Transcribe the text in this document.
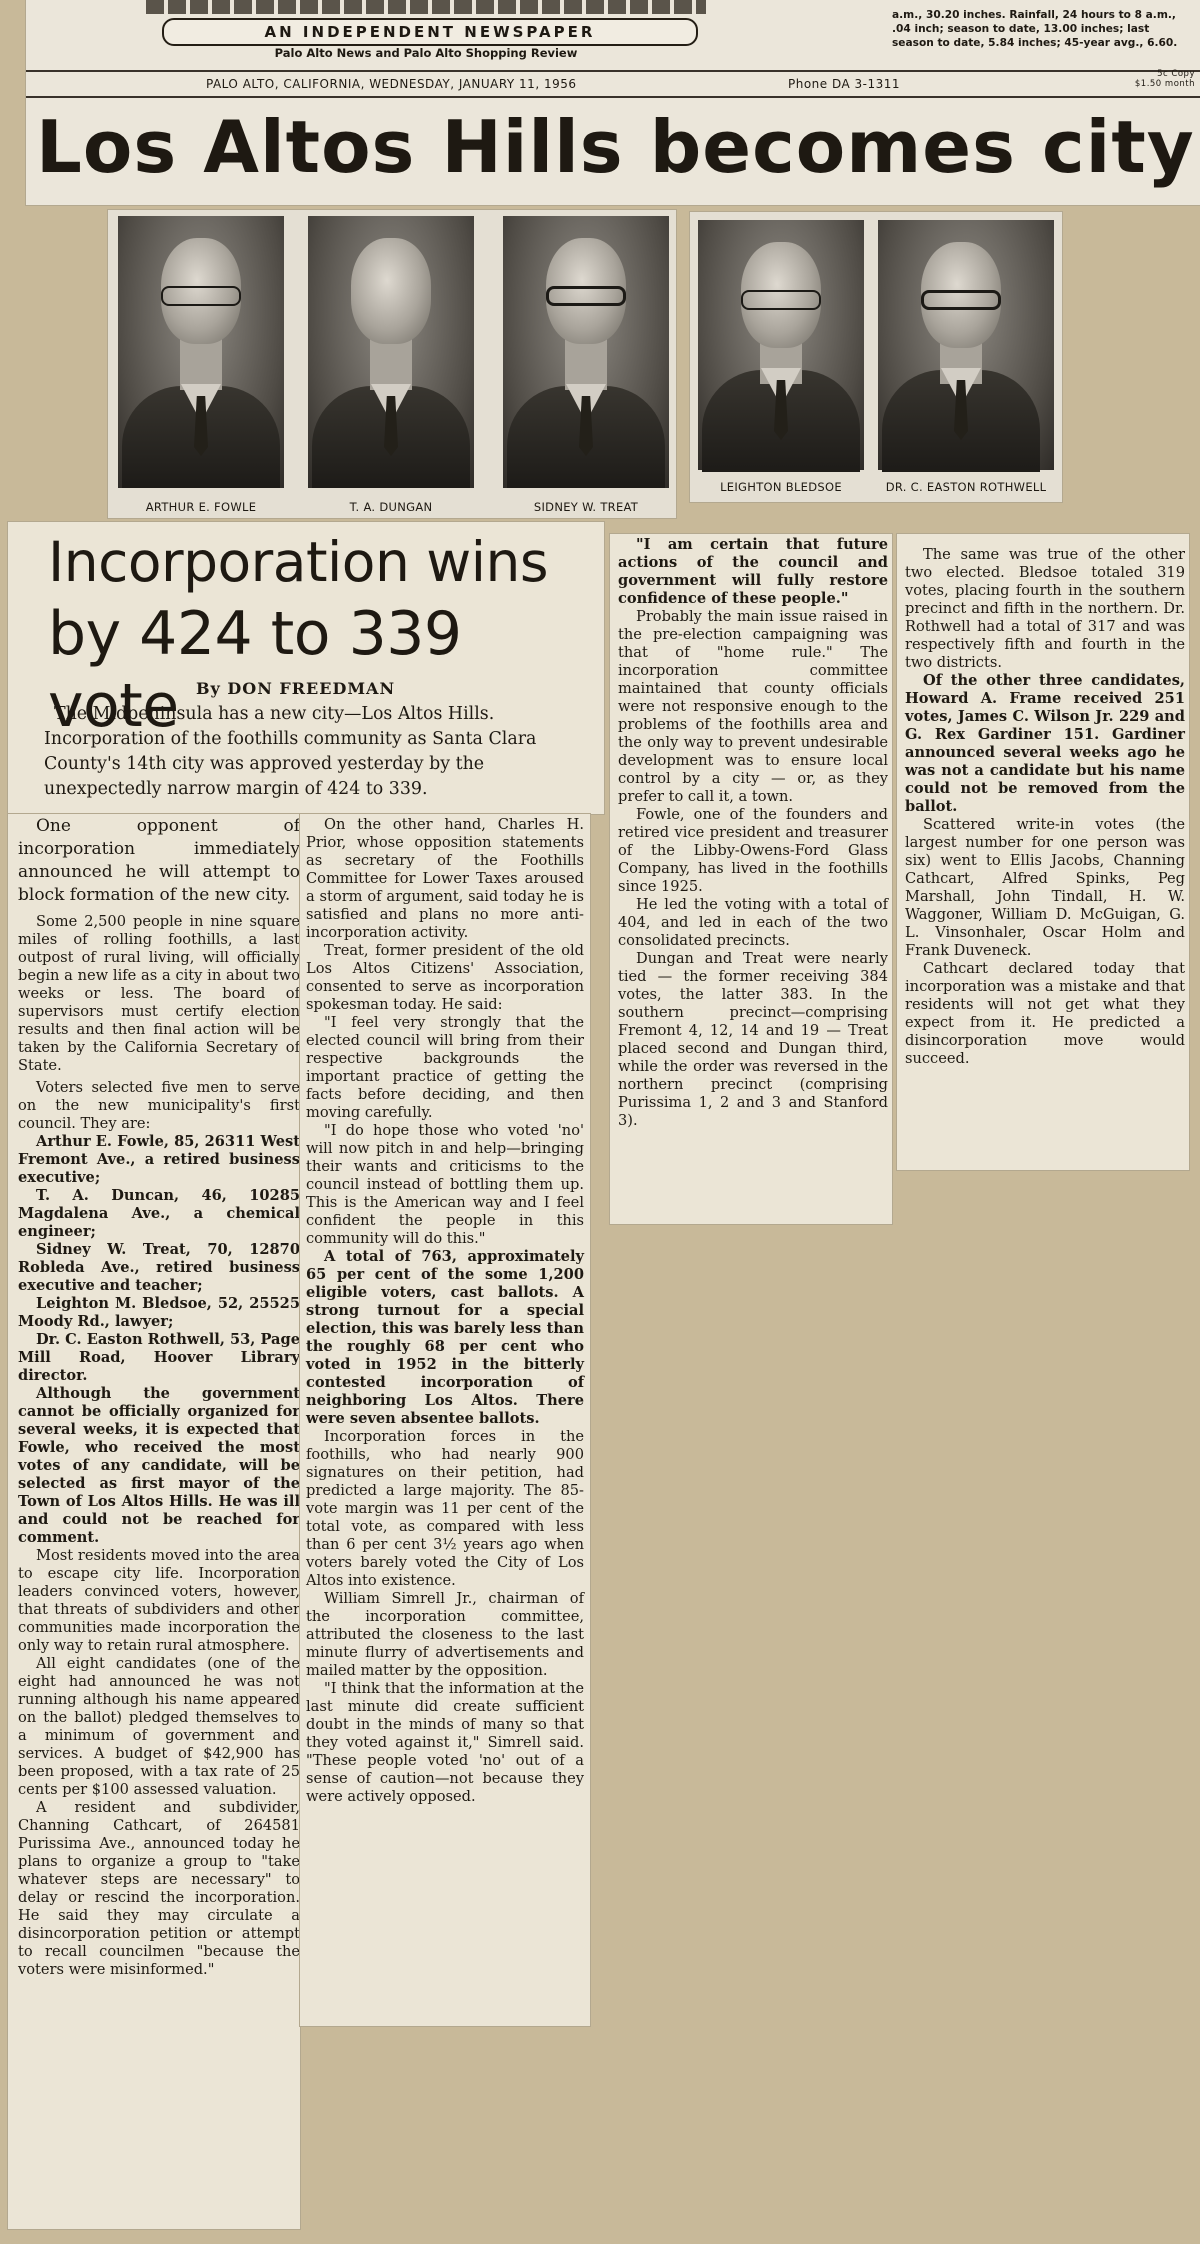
AN INDEPENDENT NEWSPAPER
Palo Alto News and Palo Alto Shopping Review
a.m., 30.20 inches. Rainfall, 24 hours to 8 a.m., .04 inch; season to date, 13.00 inches; last season to date, 5.84 inches; 45-year avg., 6.60.
PALO ALTO, CALIFORNIA, WEDNESDAY, JANUARY 11, 1956	Phone DA 3-1311
5c Copy
$1.50 month
Los Altos Hills becomes city
ARTHUR E. FOWLE	T. A. DUNGAN	SIDNEY W. TREAT
LEIGHTON BLEDSOE	DR. C. EASTON ROTHWELL
Incorporation wins
by 424 to 339 vote	By DON FREEDMAN
The Midpeninsula has a new city—Los Altos Hills.
Incorporation of the foothills community as Santa Clara County's 14th city was approved yesterday by the unexpectedly narrow margin of 424 to 339.

One opponent of incorporation immediately announced he will attempt to block formation of the new city.

Some 2,500 people in nine square miles of rolling foothills, a last outpost of rural living, will officially begin a new life as a city in about two weeks or less. The board of supervisors must certify election results and then final action will be taken by the California Secretary of State.

Voters selected five men to serve on the new municipality's first council. They are:

Arthur E. Fowle, 85, 26311 West Fremont Ave., a retired business executive;

T. A. Duncan, 46, 10285 Magdalena Ave., a chemical engineer;

Sidney W. Treat, 70, 12870 Robleda Ave., retired business executive and teacher;

Leighton M. Bledsoe, 52, 25525 Moody Rd., lawyer;

Dr. C. Easton Rothwell, 53, Page Mill Road, Hoover Library director.

Although the government cannot be officially organized for several weeks, it is expected that Fowle, who received the most votes of any candidate, will be selected as first mayor of the Town of Los Altos Hills. He was ill and could not be reached for comment.

Most residents moved into the area to escape city life. Incorporation leaders convinced voters, however, that threats of subdividers and other communities made incorporation the only way to retain rural atmosphere.

All eight candidates (one of the eight had announced he was not running although his name appeared on the ballot) pledged themselves to a minimum of government and services. A budget of $42,900 has been proposed, with a tax rate of 25 cents per $100 assessed valuation.

A resident and subdivider, Channing Cathcart, of 264581 Purissima Ave., announced today he plans to organize a group to "take whatever steps are necessary" to delay or rescind the incorporation. He said they may circulate a disincorporation petition or attempt to recall councilmen "because the voters were misinformed."

On the other hand, Charles H. Prior, whose opposition statements as secretary of the Foothills Committee for Lower Taxes aroused a storm of argument, said today he is satisfied and plans no more anti-incorporation activity.

Treat, former president of the old Los Altos Citizens' Association, consented to serve as incorporation spokesman today. He said:

"I feel very strongly that the elected council will bring from their respective backgrounds the important practice of getting the facts before deciding, and then moving carefully.

"I do hope those who voted 'no' will now pitch in and help—bringing their wants and criticisms to the council instead of bottling them up. This is the American way and I feel confident the people in this community will do this."

A total of 763, approximately 65 per cent of the some 1,200 eligible voters, cast ballots. A strong turnout for a special election, this was barely less than the roughly 68 per cent who voted in 1952 in the bitterly contested incorporation of neighboring Los Altos. There were seven absentee ballots.

Incorporation forces in the foothills, who had nearly 900 signatures on their petition, had predicted a large majority. The 85-vote margin was 11 per cent of the total vote, as compared with less than 6 per cent 3½ years ago when voters barely voted the City of Los Altos into existence.

William Simrell Jr., chairman of the incorporation committee, attributed the closeness to the last minute flurry of advertisements and mailed matter by the opposition.

"I think that the information at the last minute did create sufficient doubt in the minds of many so that they voted against it," Simrell said. "These people voted 'no' out of a sense of caution—not because they were actively opposed.

"I am certain that future actions of the council and government will fully restore confidence of these people."

Probably the main issue raised in the pre-election campaigning was that of "home rule." The incorporation committee maintained that county officials were not responsive enough to the problems of the foothills area and the only way to prevent undesirable development was to ensure local control by a city — or, as they prefer to call it, a town.

Fowle, one of the founders and retired vice president and treasurer of the Libby-Owens-Ford Glass Company, has lived in the foothills since 1925.

He led the voting with a total of 404, and led in each of the two consolidated precincts.

Dungan and Treat were nearly tied — the former receiving 384 votes, the latter 383. In the southern precinct—comprising Fremont 4, 12, 14 and 19 — Treat placed second and Dungan third, while the order was reversed in the northern precinct (comprising Purissima 1, 2 and 3 and Stanford 3).

The same was true of the other two elected. Bledsoe totaled 319 votes, placing fourth in the southern precinct and fifth in the northern. Dr. Rothwell had a total of 317 and was respectively fifth and fourth in the two districts.

Of the other three candidates, Howard A. Frame received 251 votes, James C. Wilson Jr. 229 and G. Rex Gardiner 151. Gardiner announced several weeks ago he was not a candidate but his name could not be removed from the ballot.

Scattered write-in votes (the largest number for one person was six) went to Ellis Jacobs, Channing Cathcart, Alfred Spinks, Peg Marshall, John Tindall, H. W. Waggoner, William D. McGuigan, G. L. Vinsonhaler, Oscar Holm and Frank Duveneck.

Cathcart declared today that incorporation was a mistake and that residents will not get what they expect from it. He predicted a disincorporation move would succeed.
